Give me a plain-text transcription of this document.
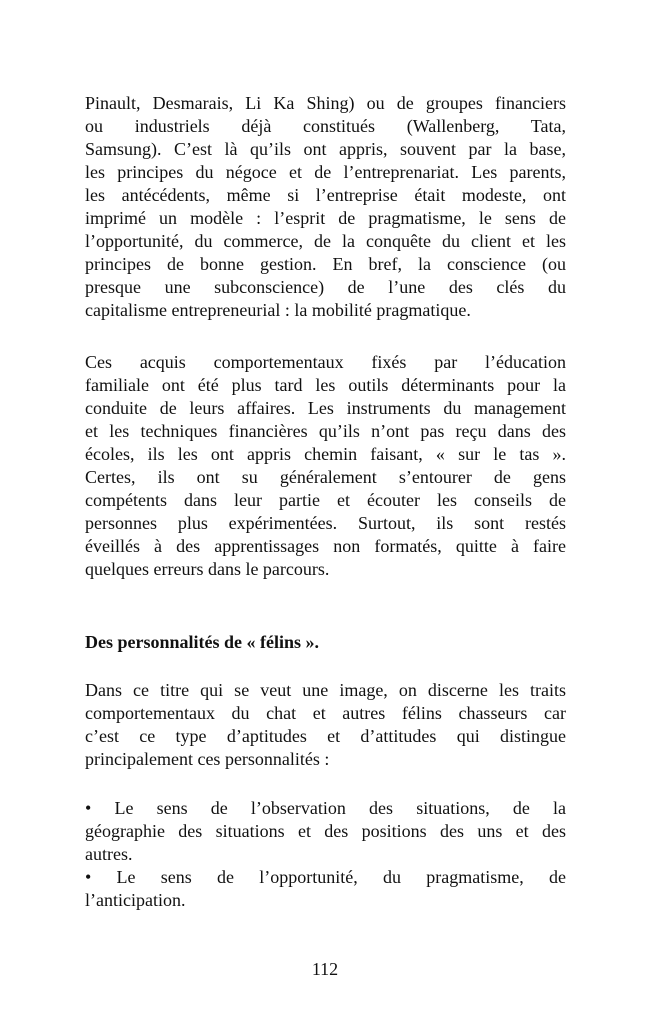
Pinault, Desmarais, Li Ka Shing) ou de groupes financiers
ou industriels déjà constitués (Wallenberg, Tata,
Samsung). C’est là qu’ils ont appris, souvent par la base,
les principes du négoce et de l’entreprenariat. Les parents,
les antécédents, même si l’entreprise était modeste, ont
imprimé un modèle : l’esprit de pragmatisme, le sens de
l’opportunité, du commerce, de la conquête du client et les
principes de bonne gestion. En bref, la conscience (ou
presque une subconscience) de l’une des clés du
capitalisme entrepreneurial : la mobilité pragmatique.
Ces acquis comportementaux fixés par l’éducation
familiale ont été plus tard les outils déterminants pour la
conduite de leurs affaires. Les instruments du management
et les techniques financières qu’ils n’ont pas reçu dans des
écoles, ils les ont appris chemin faisant, « sur le tas ».
Certes, ils ont su généralement s’entourer de gens
compétents dans leur partie et écouter les conseils de
personnes plus expérimentées. Surtout, ils sont restés
éveillés à des apprentissages non formatés, quitte à faire
quelques erreurs dans le parcours.
Des personnalités de « félins ».
Dans ce titre qui se veut une image, on discerne les traits
comportementaux du chat et autres félins chasseurs car
c’est ce type d’aptitudes et d’attitudes qui distingue
principalement ces personnalités :
• Le sens de l’observation des situations, de la
géographie des situations et des positions des uns et des
autres.
• Le sens de l’opportunité, du pragmatisme, de
l’anticipation.
112
